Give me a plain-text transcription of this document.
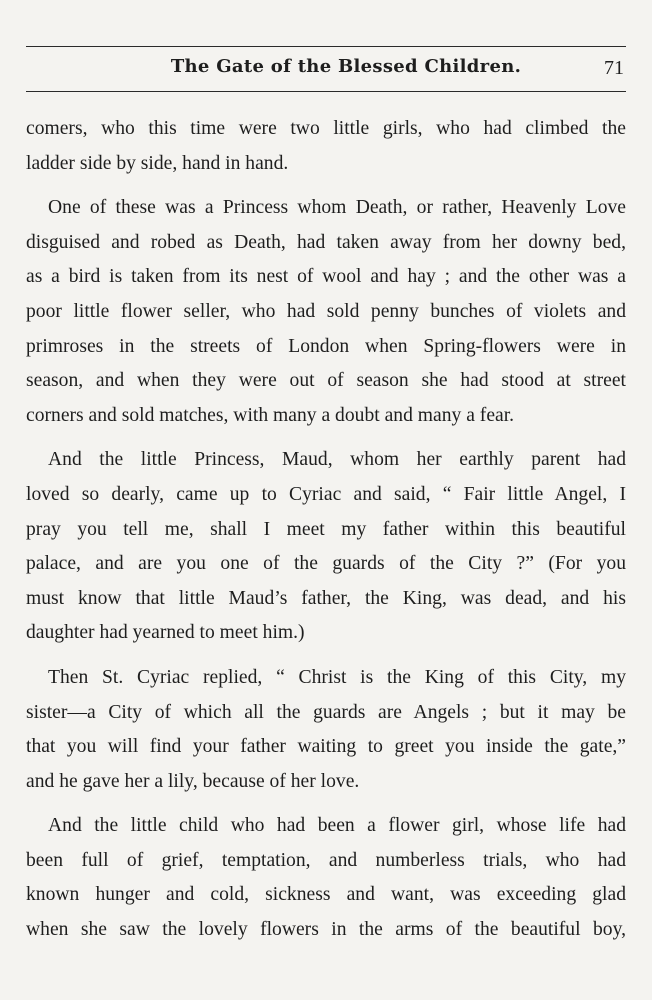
The Gate of the Blessed Children.	71
comers, who this time were two little girls, who had climbed the
ladder side by side, hand in hand.
One of these was a Princess whom Death, or rather, Heavenly Love
disguised and robed as Death, had taken away from her downy bed,
as a bird is taken from its nest of wool and hay ; and the other was a
poor little flower seller, who had sold penny bunches of violets and
primroses in the streets of London when Spring-flowers were in
season, and when they were out of season she had stood at street
corners and sold matches, with many a doubt and many a fear.
And the little Princess, Maud, whom her earthly parent had
loved so dearly, came up to Cyriac and said, “ Fair little Angel, I
pray you tell me, shall I meet my father within this beautiful
palace, and are you one of the guards of the City ?” (For you
must know that little Maud’s father, the King, was dead, and his
daughter had yearned to meet him.)
Then St. Cyriac replied, “ Christ is the King of this City, my
sister—a City of which all the guards are Angels ; but it may be
that you will find your father waiting to greet you inside the gate,”
and he gave her a lily, because of her love.
And the little child who had been a flower girl, whose life had
been full of grief, temptation, and numberless trials, who had
known hunger and cold, sickness and want, was exceeding glad
when she saw the lovely flowers in the arms of the beautiful boy,
